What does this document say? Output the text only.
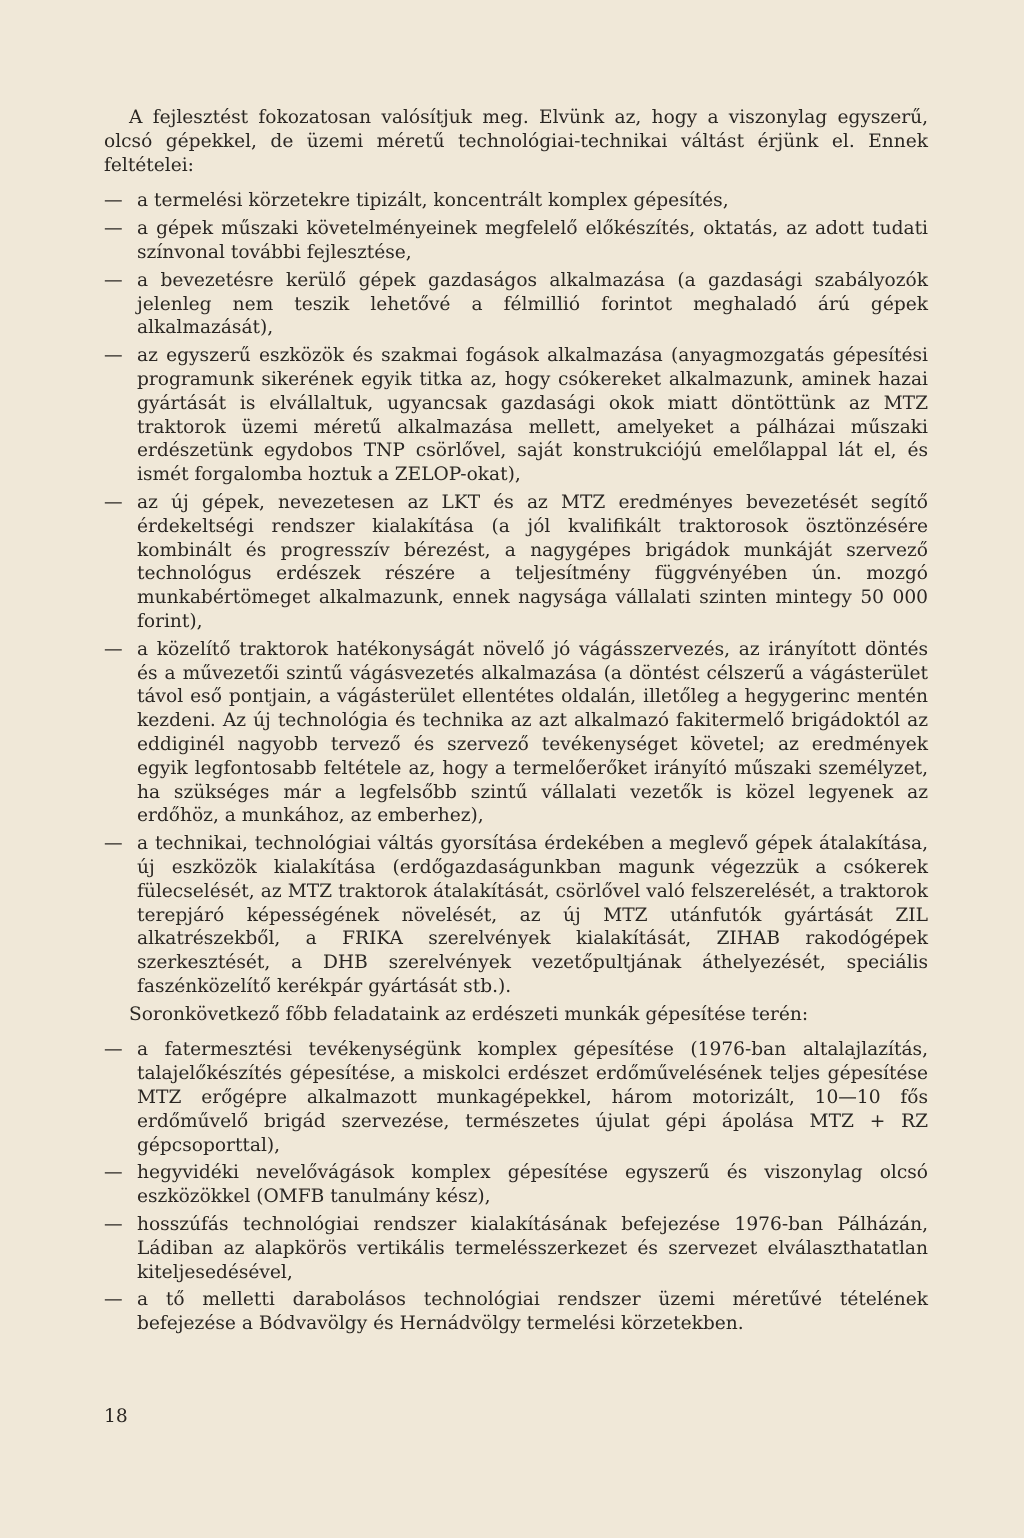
A fejlesztést fokozatosan valósítjuk meg. Elvünk az, hogy a viszonylag egyszerű, olcsó gépekkel, de üzemi méretű technológiai-technikai váltást érjünk el. Ennek feltételei:

— a termelési körzetekre tipizált, koncentrált komplex gépesítés,
— a gépek műszaki követelményeinek megfelelő előkészítés, oktatás, az adott tudati színvonal további fejlesztése,
— a bevezetésre kerülő gépek gazdaságos alkalmazása (a gazdasági szabályozók jelenleg nem teszik lehetővé a félmillió forintot meghaladó árú gépek alkalmazását),
— az egyszerű eszközök és szakmai fogások alkalmazása (anyagmozgatás gépesítési programunk sikerének egyik titka az, hogy csókereket alkalmazunk, aminek hazai gyártását is elvállaltuk, ugyancsak gazdasági okok miatt döntöttünk az MTZ traktorok üzemi méretű alkalmazása mellett, amelyeket a pálházai műszaki erdészetünk egydobos TNP csörlővel, saját konstrukciójú emelőlappal lát el, és ismét forgalomba hoztuk a ZELOP-okat),
— az új gépek, nevezetesen az LKT és az MTZ eredményes bevezetését segítő érdekeltségi rendszer kialakítása (a jól kvalifikált traktorosok ösztönzésére kombinált és progresszív bérezést, a nagygépes brigádok munkáját szervező technológus erdészek részére a teljesítmény függvényében ún. mozgó munkabértömeget alkalmazunk, ennek nagysága vállalati szinten mintegy 50 000 forint),
— a közelítő traktorok hatékonyságát növelő jó vágásszervezés, az irányított döntés és a művezetői szintű vágásvezetés alkalmazása (a döntést célszerű a vágásterület távol eső pontjain, a vágásterület ellentétes oldalán, illetőleg a hegygerinc mentén kezdeni. Az új technológia és technika az azt alkalmazó fakitermelő brigádoktól az eddiginél nagyobb tervező és szervező tevékenységet követel; az eredmények egyik legfontosabb feltétele az, hogy a termelőerőket irányító műszaki személyzet, ha szükséges már a legfelsőbb szintű vállalati vezetők is közel legyenek az erdőhöz, a munkához, az emberhez),
— a technikai, technológiai váltás gyorsítása érdekében a meglevő gépek átalakítása, új eszközök kialakítása (erdőgazdaságunkban magunk végezzük a csókerek fülecselését, az MTZ traktorok átalakítását, csörlővel való felszerelését, a traktorok terepjáró képességének növelését, az új MTZ utánfutók gyártását ZIL alkatrészekből, a FRIKA szerelvények kialakítását, ZIHAB rakodógépek szerkesztését, a DHB szerelvények vezetőpultjának áthelyezését, speciális faszénközelítő kerékpár gyártását stb.).

Soronkövetkező főbb feladataink az erdészeti munkák gépesítése terén:

— a fatermesztési tevékenységünk komplex gépesítése (1976-ban altalajlazítás, talajelőkészítés gépesítése, a miskolci erdészet erdőművelésének teljes gépesítése MTZ erőgépre alkalmazott munkagépekkel, három motorizált, 10—10 fős erdőművelő brigád szervezése, természetes újulat gépi ápolása MTZ + RZ gépcsoporttal),
— hegyvidéki nevelővágások komplex gépesítése egyszerű és viszonylag olcsó eszközökkel (OMFB tanulmány kész),
— hosszúfás technológiai rendszer kialakításának befejezése 1976-ban Pálházán, Ládiban az alapkörös vertikális termelésszerkezet és szervezet elválaszthatatlan kiteljesedésével,
— a tő melletti darabolásos technológiai rendszer üzemi méretűvé tételének befejezése a Bódvavölgy és Hernádvölgy termelési körzetekben.
18
